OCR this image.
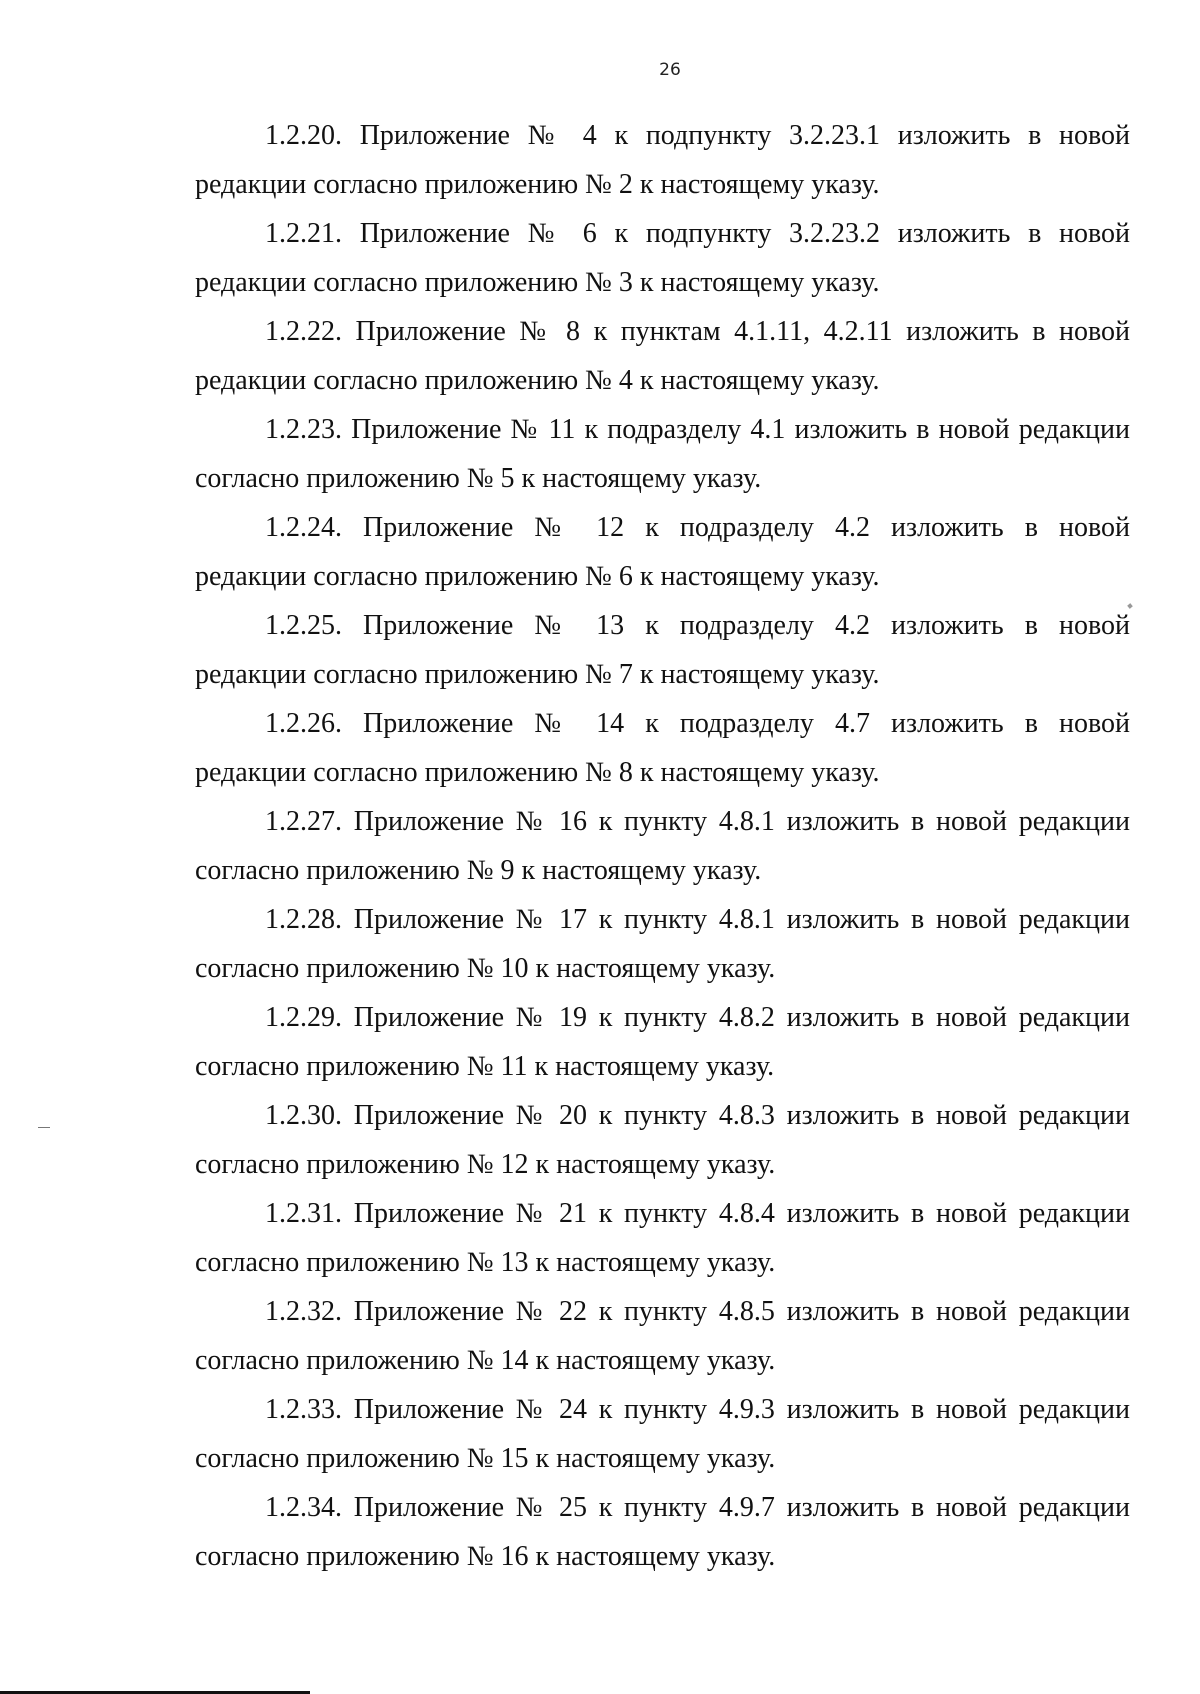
26

1.2.20. Приложение № 4 к подпункту 3.2.23.1 изложить в новой
редакции согласно приложению № 2 к настоящему указу.

1.2.21. Приложение № 6 к подпункту 3.2.23.2 изложить в новой
редакции согласно приложению № 3 к настоящему указу.

1.2.22. Приложение № 8 к пунктам 4.1.11, 4.2.11 изложить в новой
редакции согласно приложению № 4 к настоящему указу.

1.2.23. Приложение № 11 к подразделу 4.1 изложить в новой редакции
согласно приложению № 5 к настоящему указу.

1.2.24. Приложение № 12 к подразделу 4.2 изложить в новой
редакции согласно приложению № 6 к настоящему указу.

1.2.25. Приложение № 13 к подразделу 4.2 изложить в новой
редакции согласно приложению № 7 к настоящему указу.

1.2.26. Приложение № 14 к подразделу 4.7 изложить в новой
редакции согласно приложению № 8 к настоящему указу.

1.2.27. Приложение № 16 к пункту 4.8.1 изложить в новой редакции
согласно приложению № 9 к настоящему указу.

1.2.28. Приложение № 17 к пункту 4.8.1 изложить в новой редакции
согласно приложению № 10 к настоящему указу.

1.2.29. Приложение № 19 к пункту 4.8.2 изложить в новой редакции
согласно приложению № 11 к настоящему указу.

1.2.30. Приложение № 20 к пункту 4.8.3 изложить в новой редакции
согласно приложению № 12 к настоящему указу.

1.2.31. Приложение № 21 к пункту 4.8.4 изложить в новой редакции
согласно приложению № 13 к настоящему указу.

1.2.32. Приложение № 22 к пункту 4.8.5 изложить в новой редакции
согласно приложению № 14 к настоящему указу.

1.2.33. Приложение № 24 к пункту 4.9.3 изложить в новой редакции
согласно приложению № 15 к настоящему указу.

1.2.34. Приложение № 25 к пункту 4.9.7 изложить в новой редакции
согласно приложению № 16 к настоящему указу.
